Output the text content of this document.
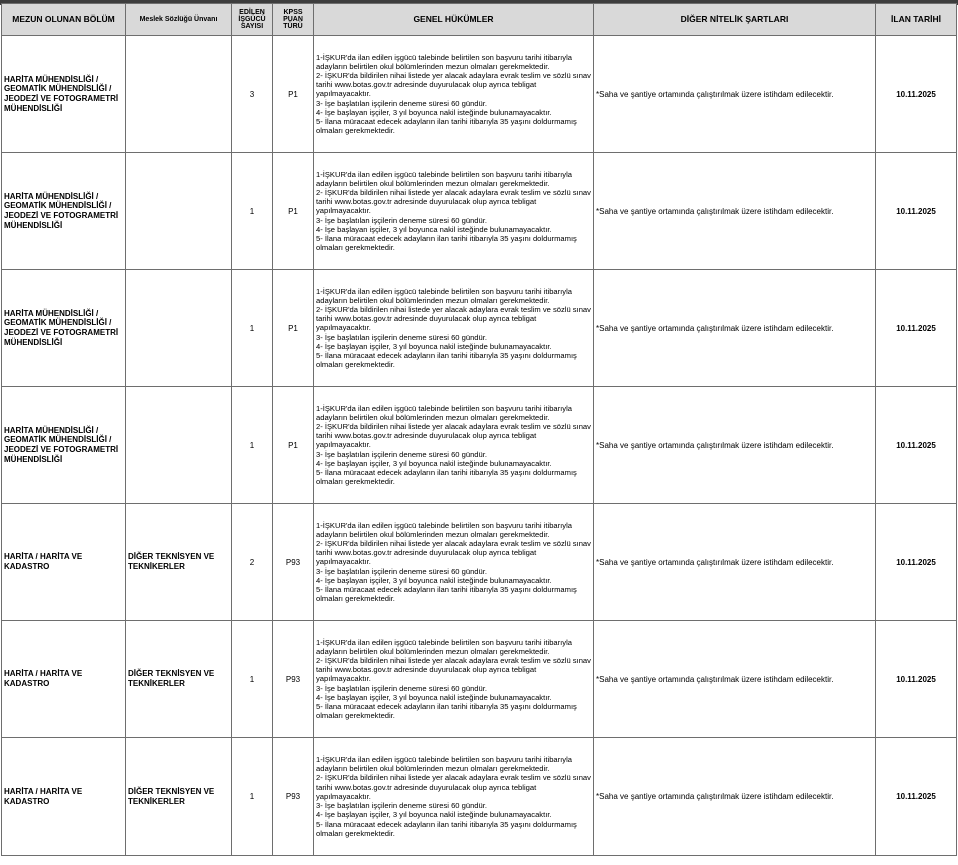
MEZUN OLUNAN BÖLÜM	Meslek Sözlüğü Ünvanı	EDİLEN İŞGÜCÜ SAYISI	KPSS PUAN TÜRÜ	GENEL HÜKÜMLER	DİĞER NİTELİK ŞARTLARI	İLAN TARİHİ
HARİTA MÜHENDİSLİĞİ / GEOMATİK MÜHENDİSLİĞİ / JEODEZİ VE FOTOGRAMETRİ MÜHENDİSLİĞİ		3	P1	1-İŞKUR'da ilan edilen işgücü talebinde belirtilen son başvuru tarihi itibarıyla adayların belirtilen okul bölümlerinden mezun olmaları gerekmektedir.
2- İŞKUR'da bildirilen nihai listede yer alacak adaylara evrak teslim ve sözlü sınav tarihi www.botas.gov.tr adresinde duyurulacak olup ayrıca tebligat yapılmayacaktır.
3- İşe başlatılan işçilerin deneme süresi 60 gündür.
4- İşe başlayan işçiler, 3 yıl boyunca nakil isteğinde bulunamayacaktır.
5- İlana müracaat edecek adayların ilan tarihi itibarıyla 35 yaşını doldurmamış olmaları gerekmektedir.	*Saha ve şantiye ortamında çalıştırılmak üzere istihdam edilecektir.	10.11.2025
HARİTA MÜHENDİSLİĞİ / GEOMATİK MÜHENDİSLİĞİ / JEODEZİ VE FOTOGRAMETRİ MÜHENDİSLİĞİ		1	P1	1-İŞKUR'da ilan edilen işgücü talebinde belirtilen son başvuru tarihi itibarıyla adayların belirtilen okul bölümlerinden mezun olmaları gerekmektedir.
2- İŞKUR'da bildirilen nihai listede yer alacak adaylara evrak teslim ve sözlü sınav tarihi www.botas.gov.tr adresinde duyurulacak olup ayrıca tebligat yapılmayacaktır.
3- İşe başlatılan işçilerin deneme süresi 60 gündür.
4- İşe başlayan işçiler, 3 yıl boyunca nakil isteğinde bulunamayacaktır.
5- İlana müracaat edecek adayların ilan tarihi itibarıyla 35 yaşını doldurmamış olmaları gerekmektedir.	*Saha ve şantiye ortamında çalıştırılmak üzere istihdam edilecektir.	10.11.2025
HARİTA MÜHENDİSLİĞİ / GEOMATİK MÜHENDİSLİĞİ / JEODEZİ VE FOTOGRAMETRİ MÜHENDİSLİĞİ		1	P1	1-İŞKUR'da ilan edilen işgücü talebinde belirtilen son başvuru tarihi itibarıyla adayların belirtilen okul bölümlerinden mezun olmaları gerekmektedir.
2- İŞKUR'da bildirilen nihai listede yer alacak adaylara evrak teslim ve sözlü sınav tarihi www.botas.gov.tr adresinde duyurulacak olup ayrıca tebligat yapılmayacaktır.
3- İşe başlatılan işçilerin deneme süresi 60 gündür.
4- İşe başlayan işçiler, 3 yıl boyunca nakil isteğinde bulunamayacaktır.
5- İlana müracaat edecek adayların ilan tarihi itibarıyla 35 yaşını doldurmamış olmaları gerekmektedir.	*Saha ve şantiye ortamında çalıştırılmak üzere istihdam edilecektir.	10.11.2025
HARİTA MÜHENDİSLİĞİ / GEOMATİK MÜHENDİSLİĞİ / JEODEZİ VE FOTOGRAMETRİ MÜHENDİSLİĞİ		1	P1	1-İŞKUR'da ilan edilen işgücü talebinde belirtilen son başvuru tarihi itibarıyla adayların belirtilen okul bölümlerinden mezun olmaları gerekmektedir.
2- İŞKUR'da bildirilen nihai listede yer alacak adaylara evrak teslim ve sözlü sınav tarihi www.botas.gov.tr adresinde duyurulacak olup ayrıca tebligat yapılmayacaktır.
3- İşe başlatılan işçilerin deneme süresi 60 gündür.
4- İşe başlayan işçiler, 3 yıl boyunca nakil isteğinde bulunamayacaktır.
5- İlana müracaat edecek adayların ilan tarihi itibarıyla 35 yaşını doldurmamış olmaları gerekmektedir.	*Saha ve şantiye ortamında çalıştırılmak üzere istihdam edilecektir.	10.11.2025
HARİTA / HARİTA VE KADASTRO	DİĞER TEKNİSYEN VE TEKNİKERLER	2	P93	1-İŞKUR'da ilan edilen işgücü talebinde belirtilen son başvuru tarihi itibarıyla adayların belirtilen okul bölümlerinden mezun olmaları gerekmektedir.
2- İŞKUR'da bildirilen nihai listede yer alacak adaylara evrak teslim ve sözlü sınav tarihi www.botas.gov.tr adresinde duyurulacak olup ayrıca tebligat yapılmayacaktır.
3- İşe başlatılan işçilerin deneme süresi 60 gündür.
4- İşe başlayan işçiler, 3 yıl boyunca nakil isteğinde bulunamayacaktır.
5- İlana müracaat edecek adayların ilan tarihi itibarıyla 35 yaşını doldurmamış olmaları gerekmektedir.	*Saha ve şantiye ortamında çalıştırılmak üzere istihdam edilecektir.	10.11.2025
HARİTA / HARİTA VE KADASTRO	DİĞER TEKNİSYEN VE TEKNİKERLER	1	P93	1-İŞKUR'da ilan edilen işgücü talebinde belirtilen son başvuru tarihi itibarıyla adayların belirtilen okul bölümlerinden mezun olmaları gerekmektedir.
2- İŞKUR'da bildirilen nihai listede yer alacak adaylara evrak teslim ve sözlü sınav tarihi www.botas.gov.tr adresinde duyurulacak olup ayrıca tebligat yapılmayacaktır.
3- İşe başlatılan işçilerin deneme süresi 60 gündür.
4- İşe başlayan işçiler, 3 yıl boyunca nakil isteğinde bulunamayacaktır.
5- İlana müracaat edecek adayların ilan tarihi itibarıyla 35 yaşını doldurmamış olmaları gerekmektedir.	*Saha ve şantiye ortamında çalıştırılmak üzere istihdam edilecektir.	10.11.2025
HARİTA / HARİTA VE KADASTRO	DİĞER TEKNİSYEN VE TEKNİKERLER	1	P93	1-İŞKUR'da ilan edilen işgücü talebinde belirtilen son başvuru tarihi itibarıyla adayların belirtilen okul bölümlerinden mezun olmaları gerekmektedir.
2- İŞKUR'da bildirilen nihai listede yer alacak adaylara evrak teslim ve sözlü sınav tarihi www.botas.gov.tr adresinde duyurulacak olup ayrıca tebligat yapılmayacaktır.
3- İşe başlatılan işçilerin deneme süresi 60 gündür.
4- İşe başlayan işçiler, 3 yıl boyunca nakil isteğinde bulunamayacaktır.
5- İlana müracaat edecek adayların ilan tarihi itibarıyla 35 yaşını doldurmamış olmaları gerekmektedir.	*Saha ve şantiye ortamında çalıştırılmak üzere istihdam edilecektir.	10.11.2025
